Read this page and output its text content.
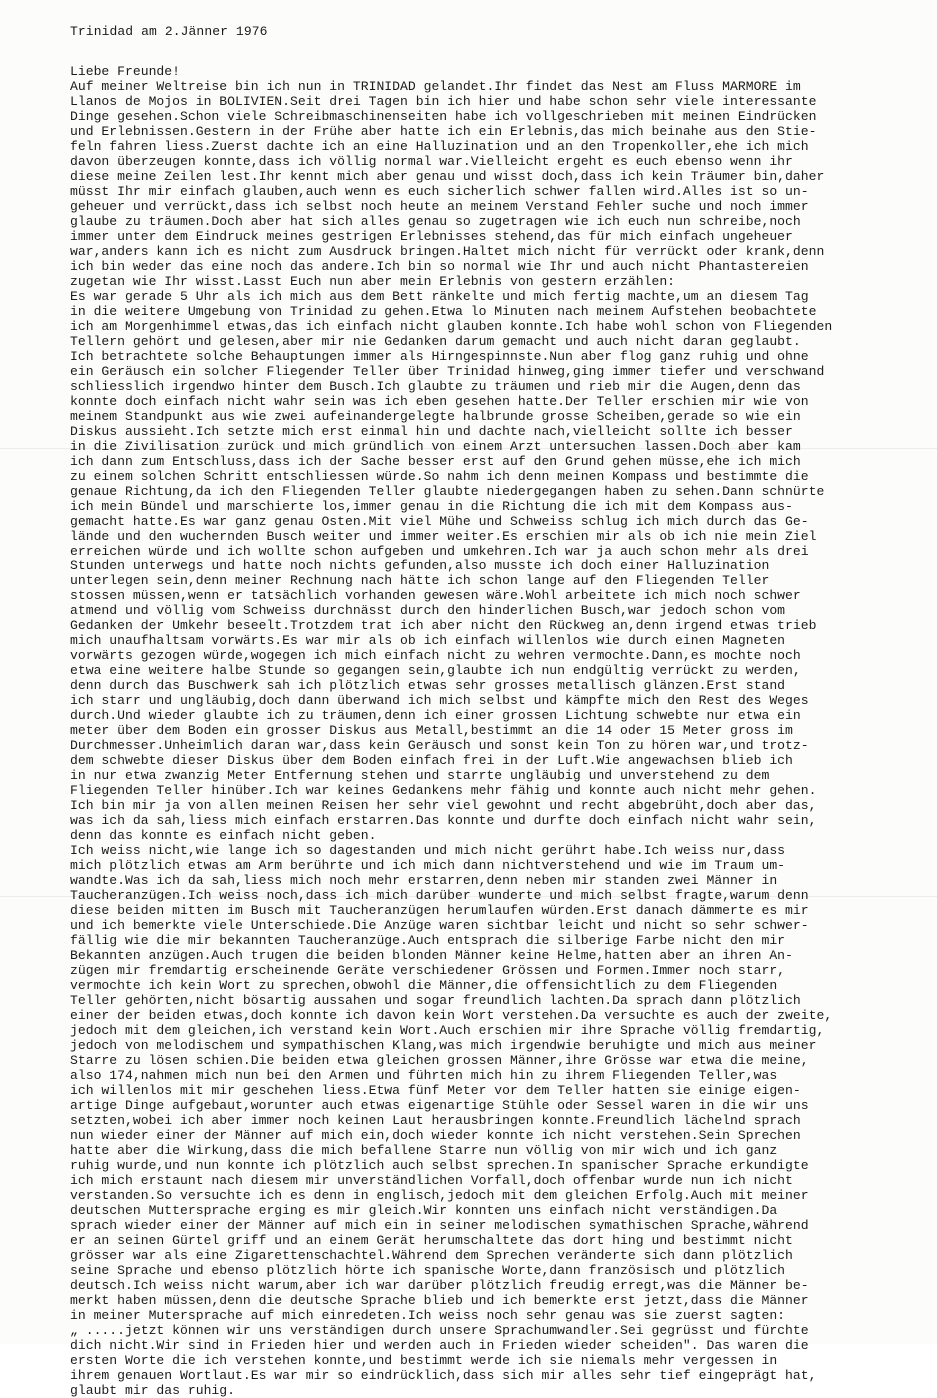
Trinidad am 2.Jänner 1976
Liebe Freunde!
Auf meiner Weltreise bin ich nun in TRINIDAD gelandet.Ihr findet das Nest am Fluss MARMORE im
Llanos de Mojos in BOLIVIEN.Seit drei Tagen bin ich hier und habe schon sehr viele interessante
Dinge gesehen.Schon viele Schreibmaschinenseiten habe ich vollgeschrieben mit meinen Eindrücken
und Erlebnissen.Gestern in der Frühe aber hatte ich ein Erlebnis,das mich beinahe aus den Stie-
feln fahren liess.Zuerst dachte ich an eine Halluzination und an den Tropenkoller,ehe ich mich
davon überzeugen konnte,dass ich völlig normal war.Vielleicht ergeht es euch ebenso wenn ihr
diese meine Zeilen lest.Ihr kennt mich aber genau und wisst doch,dass ich kein Träumer bin,daher
müsst Ihr mir einfach glauben,auch wenn es euch sicherlich schwer fallen wird.Alles ist so un-
geheuer und verrückt,dass ich selbst noch heute an meinem Verstand Fehler suche und noch immer
glaube zu träumen.Doch aber hat sich alles genau so zugetragen wie ich euch nun schreibe,noch
immer unter dem Eindruck meines gestrigen Erlebnisses stehend,das für mich einfach ungeheuer
war,anders kann ich es nicht zum Ausdruck bringen.Haltet mich nicht für verrückt oder krank,denn
ich bin weder das eine noch das andere.Ich bin so normal wie Ihr und auch nicht Phantastereien
zugetan wie Ihr wisst.Lasst Euch nun aber mein Erlebnis von gestern erzählen:
Es war gerade 5 Uhr als ich mich aus dem Bett ränkelte und mich fertig machte,um an diesem Tag
in die weitere Umgebung von Trinidad zu gehen.Etwa lo Minuten nach meinem Aufstehen beobachtete
ich am Morgenhimmel etwas,das ich einfach nicht glauben konnte.Ich habe wohl schon von Fliegenden
Tellern gehört und gelesen,aber mir nie Gedanken darum gemacht und auch nicht daran geglaubt.
Ich betrachtete solche Behauptungen immer als Hirngespinnste.Nun aber flog ganz ruhig und ohne
ein Geräusch ein solcher Fliegender Teller über Trinidad hinweg,ging immer tiefer und verschwand
schliesslich irgendwo hinter dem Busch.Ich glaubte zu träumen und rieb mir die Augen,denn das
konnte doch einfach nicht wahr sein was ich eben gesehen hatte.Der Teller erschien mir wie von
meinem Standpunkt aus wie zwei aufeinandergelegte halbrunde grosse Scheiben,gerade so wie ein
Diskus aussieht.Ich setzte mich erst einmal hin und dachte nach,vielleicht sollte ich besser
in die Zivilisation zurück und mich gründlich von einem Arzt untersuchen lassen.Doch aber kam
ich dann zum Entschluss,dass ich der Sache besser erst auf den Grund gehen müsse,ehe ich mich
zu einem solchen Schritt entschliessen würde.So nahm ich denn meinen Kompass und bestimmte die
genaue Richtung,da ich den Fliegenden Teller glaubte niedergegangen haben zu sehen.Dann schnürte
ich mein Bündel und marschierte los,immer genau in die Richtung die ich mit dem Kompass aus-
gemacht hatte.Es war ganz genau Osten.Mit viel Mühe und Schweiss schlug ich mich durch das Ge-
lände und den wuchernden Busch weiter und immer weiter.Es erschien mir als ob ich nie mein Ziel
erreichen würde und ich wollte schon aufgeben und umkehren.Ich war ja auch schon mehr als drei
Stunden unterwegs und hatte noch nichts gefunden,also musste ich doch einer Halluzination
unterlegen sein,denn meiner Rechnung nach hätte ich schon lange auf den Fliegenden Teller
stossen müssen,wenn er tatsächlich vorhanden gewesen wäre.Wohl arbeitete ich mich noch schwer
atmend und völlig vom Schweiss durchnässt durch den hinderlichen Busch,war jedoch schon vom
Gedanken der Umkehr beseelt.Trotzdem trat ich aber nicht den Rückweg an,denn irgend etwas trieb
mich unaufhaltsam vorwärts.Es war mir als ob ich einfach willenlos wie durch einen Magneten
vorwärts gezogen würde,wogegen ich mich einfach nicht zu wehren vermochte.Dann,es mochte noch
etwa eine weitere halbe Stunde so gegangen sein,glaubte ich nun endgültig verrückt zu werden,
denn durch das Buschwerk sah ich plötzlich etwas sehr grosses metallisch glänzen.Erst stand
ich starr und ungläubig,doch dann überwand ich mich selbst und kämpfte mich den Rest des Weges
durch.Und wieder glaubte ich zu träumen,denn ich einer grossen Lichtung schwebte nur etwa ein
meter über dem Boden ein grosser Diskus aus Metall,bestimmt an die 14 oder 15 Meter gross im
Durchmesser.Unheimlich daran war,dass kein Geräusch und sonst kein Ton zu hören war,und trotz-
dem schwebte dieser Diskus über dem Boden einfach frei in der Luft.Wie angewachsen blieb ich
in nur etwa zwanzig Meter Entfernung stehen und starrte ungläubig und unverstehend zu dem
Fliegenden Teller hinüber.Ich war keines Gedankens mehr fähig und konnte auch nicht mehr gehen.
Ich bin mir ja von allen meinen Reisen her sehr viel gewohnt und recht abgebrüht,doch aber das,
was ich da sah,liess mich einfach erstarren.Das konnte und durfte doch einfach nicht wahr sein,
denn das konnte es einfach nicht geben.
Ich weiss nicht,wie lange ich so dagestanden und mich nicht gerührt habe.Ich weiss nur,dass
mich plötzlich etwas am Arm berührte und ich mich dann nichtverstehend und wie im Traum um-
wandte.Was ich da sah,liess mich noch mehr erstarren,denn neben mir standen zwei Männer in
Taucheranzügen.Ich weiss noch,dass ich mich darüber wunderte und mich selbst fragte,warum denn
diese beiden mitten im Busch mit Taucheranzügen herumlaufen würden.Erst danach dämmerte es mir
und ich bemerkte viele Unterschiede.Die Anzüge waren sichtbar leicht und nicht so sehr schwer-
fällig wie die mir bekannten Taucheranzüge.Auch entsprach die silberige Farbe nicht den mir
Bekannten anzügen.Auch trugen die beiden blonden Männer keine Helme,hatten aber an ihren An-
zügen mir fremdartig erscheinende Geräte verschiedener Grössen und Formen.Immer noch starr,
vermochte ich kein Wort zu sprechen,obwohl die Männer,die offensichtlich zu dem Fliegenden
Teller gehörten,nicht bösartig aussahen und sogar freundlich lachten.Da sprach dann plötzlich
einer der beiden etwas,doch konnte ich davon kein Wort verstehen.Da versuchte es auch der zweite,
jedoch mit dem gleichen,ich verstand kein Wort.Auch erschien mir ihre Sprache völlig fremdartig,
jedoch von melodischem und sympathischen Klang,was mich irgendwie beruhigte und mich aus meiner
Starre zu lösen schien.Die beiden etwa gleichen grossen Männer,ihre Grösse war etwa die meine,
also 174,nahmen mich nun bei den Armen und führten mich hin zu ihrem Fliegenden Teller,was
ich willenlos mit mir geschehen liess.Etwa fünf Meter vor dem Teller hatten sie einige eigen-
artige Dinge aufgebaut,worunter auch etwas eigenartige Stühle oder Sessel waren in die wir uns
setzten,wobei ich aber immer noch keinen Laut herausbringen konnte.Freundlich lächelnd sprach
nun wieder einer der Männer auf mich ein,doch wieder konnte ich nicht verstehen.Sein Sprechen
hatte aber die Wirkung,dass die mich befallene Starre nun völlig von mir wich und ich ganz
ruhig wurde,und nun konnte ich plötzlich auch selbst sprechen.In spanischer Sprache erkundigte
ich mich erstaunt nach diesem mir unverständlichen Vorfall,doch offenbar wurde nun ich nicht
verstanden.So versuchte ich es denn in englisch,jedoch mit dem gleichen Erfolg.Auch mit meiner
deutschen Muttersprache erging es mir gleich.Wir konnten uns einfach nicht verständigen.Da
sprach wieder einer der Männer auf mich ein in seiner melodischen symathischen Sprache,während
er an seinen Gürtel griff und an einem Gerät herumschaltete das dort hing und bestimmt nicht
grösser war als eine Zigarettenschachtel.Während dem Sprechen veränderte sich dann plötzlich
seine Sprache und ebenso plötzlich hörte ich spanische Worte,dann französisch und plötzlich
deutsch.Ich weiss nicht warum,aber ich war darüber plötzlich freudig erregt,was die Männer be-
merkt haben müssen,denn die deutsche Sprache blieb und ich bemerkte erst jetzt,dass die Männer
in meiner Mutersprache auf mich einredeten.Ich weiss noch sehr genau was sie zuerst sagten:
„ .....jetzt können wir uns verständigen durch unsere Sprachumwandler.Sei gegrüsst und fürchte
dich nicht.Wir sind in Frieden hier und werden auch in Frieden wieder scheiden". Das waren die
ersten Worte die ich verstehen konnte,und bestimmt werde ich sie niemals mehr vergessen in
ihrem genauen Wortlaut.Es war mir so eindrücklich,dass sich mir alles sehr tief eingeprägt hat,
glaubt mir das ruhig.
